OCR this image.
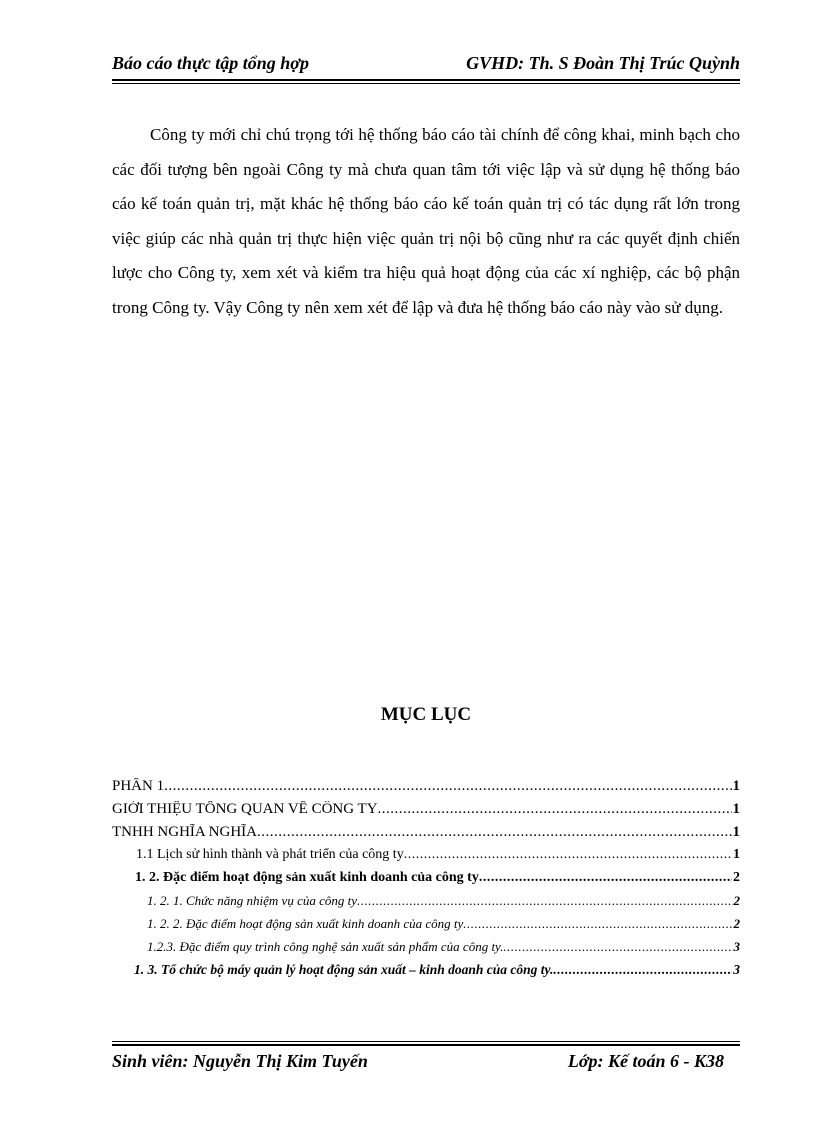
Báo cáo thực tập tổng hợp	GVHD: Th. S Đoàn Thị Trúc Quỳnh

Công ty mới chỉ chú trọng tới hệ thống báo cáo tài chính để công khai, minh bạch cho các đối tượng bên ngoài Công ty mà chưa quan tâm tới việc lập và sử dụng hệ thống báo cáo kế toán quản trị, mặt khác hệ thống báo cáo kế toán quản trị có tác dụng rất lớn trong việc giúp các nhà quản trị thực hiện việc quản trị nội bộ cũng như ra các quyết định chiến lược cho Công ty, xem xét và kiểm tra hiệu quả hoạt động của các xí nghiệp, các bộ phận trong Công ty. Vậy Công ty nên xem xét để lập và đưa hệ thống báo cáo này vào sử dụng.

MỤC LỤC
PHẦN 1 .....	1
GIỚI THIỆU TỔNG QUAN VỀ CÔNG TY .....	1
TNHH NGHĨA NGHĨA .....	1
1.1 Lịch sử hình thành và phát triển của công ty .....	1
1. 2. Đặc điểm hoạt động sản xuất kinh doanh của công ty .....	2
1. 2. 1. Chức năng nhiệm vụ của công ty .....	2
1. 2. 2. Đặc điểm hoạt động sản xuất kinh doanh của công ty .....	2
1.2.3. Đặc điểm quy trình công nghệ sản xuất sản phẩm của công ty. .....	3
1. 3. Tổ chức bộ máy quản lý hoạt động sản xuất – kinh doanh của công ty. .....	3
Sinh viên: Nguyễn Thị Kim Tuyến	Lớp: Kế toán 6 - K38
